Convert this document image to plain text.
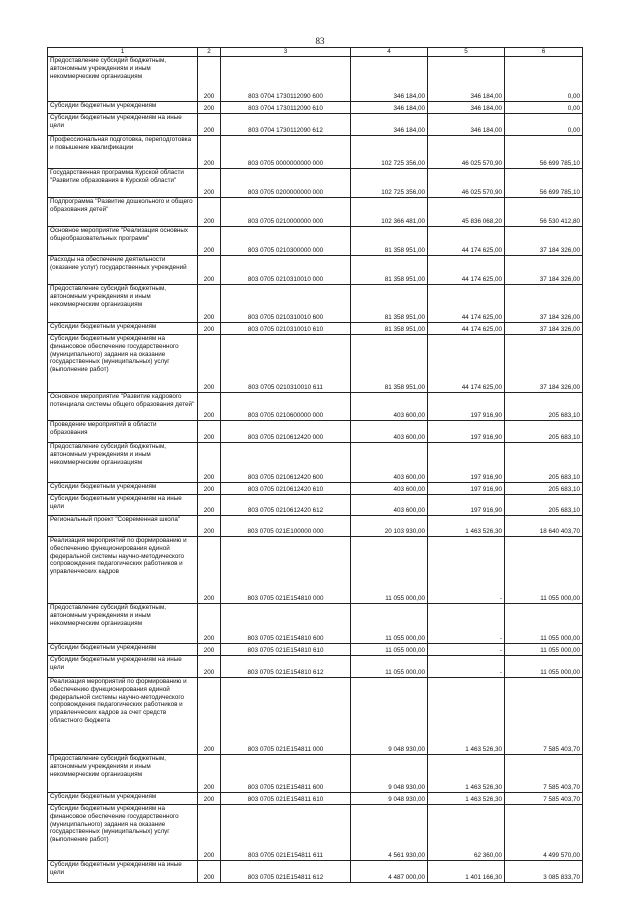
83
1	2	3	4	5	6
Предоставление субсидий бюджетным, автономным учреждениям и иным некоммерческим организациям	200	803 0704 1730112090 600	346 184,00	346 184,00	0,00
Субсидии бюджетным учреждениям	200	803 0704 1730112090 610	346 184,00	346 184,00	0,00
Субсидии бюджетным учреждениям на иные цели	200	803 0704 1730112090 612	346 184,00	346 184,00	0,00
Профессиональная подготовка, переподготовка и повышение квалификации	200	803 0705 0000000000 000	102 725 356,00	46 025 570,90	56 699 785,10
Государственная программа Курской области "Развитие образования в Курской области"	200	803 0705 0200000000 000	102 725 356,00	46 025 570,90	56 699 785,10
Подпрограмма "Развитие дошкольного и общего образования детей"	200	803 0705 0210000000 000	102 366 481,00	45 836 068,20	56 530 412,80
Основное мероприятие "Реализация основных общеобразовательных программ"	200	803 0705 0210300000 000	81 358 951,00	44 174 625,00	37 184 326,00
Расходы на обеспечение деятельности (оказание услуг) государственных учреждений	200	803 0705 0210310010 000	81 358 951,00	44 174 625,00	37 184 326,00
Предоставление субсидий бюджетным, автономным учреждениям и иным некоммерческим организациям	200	803 0705 0210310010 600	81 358 951,00	44 174 625,00	37 184 326,00
Субсидии бюджетным учреждениям	200	803 0705 0210310010 610	81 358 951,00	44 174 625,00	37 184 326,00
Субсидии бюджетным учреждениям на финансовое обеспечение государственного (муниципального) задания на оказание государственных (муниципальных) услуг (выполнение работ)	200	803 0705 0210310010 611	81 358 951,00	44 174 625,00	37 184 326,00
Основное мероприятие "Развитие кадрового потенциала системы общего образования детей"	200	803 0705 0210600000 000	403 600,00	197 916,90	205 683,10
Проведение мероприятий в области образования	200	803 0705 0210612420 000	403 600,00	197 916,90	205 683,10
Предоставление субсидий бюджетным, автономным учреждениям и иным некоммерческим организациям	200	803 0705 0210612420 600	403 600,00	197 916,90	205 683,10
Субсидии бюджетным учреждениям	200	803 0705 0210612420 610	403 600,00	197 916,90	205 683,10
Субсидии бюджетным учреждениям на иные цели	200	803 0705 0210612420 612	403 600,00	197 916,90	205 683,10
Региональный проект "Современная школа"	200	803 0705 021E100000 000	20 103 930,00	1 463 526,30	18 640 403,70
Реализация мероприятий по формированию и обеспечению функционирования единой федеральной системы научно-методического сопровождения педагогических работников и управленческих кадров	200	803 0705 021E154810 000	11 055 000,00	-	11 055 000,00
Предоставление субсидий бюджетным, автономным учреждениям и иным некоммерческим организациям	200	803 0705 021E154810 600	11 055 000,00	-	11 055 000,00
Субсидии бюджетным учреждениям	200	803 0705 021E154810 610	11 055 000,00	-	11 055 000,00
Субсидии бюджетным учреждениям на иные цели	200	803 0705 021E154810 612	11 055 000,00	-	11 055 000,00
Реализация мероприятий по формированию и обеспечению функционирования единой федеральной системы научно-методического сопровождения педагогических работников и управленческих кадров за счет средств областного бюджета	200	803 0705 021E154811 000	9 048 930,00	1 463 526,30	7 585 403,70
Предоставление субсидий бюджетным, автономным учреждениям и иным некоммерческим организациям	200	803 0705 021E154811 600	9 048 930,00	1 463 526,30	7 585 403,70
Субсидии бюджетным учреждениям	200	803 0705 021E154811 610	9 048 930,00	1 463 526,30	7 585 403,70
Субсидии бюджетным учреждениям на финансовое обеспечение государственного (муниципального) задания на оказание государственных (муниципальных) услуг (выполнение работ)	200	803 0705 021E154811 611	4 561 930,00	62 360,00	4 499 570,00
Субсидии бюджетным учреждениям на иные цели	200	803 0705 021E154811 612	4 487 000,00	1 401 166,30	3 085 833,70
